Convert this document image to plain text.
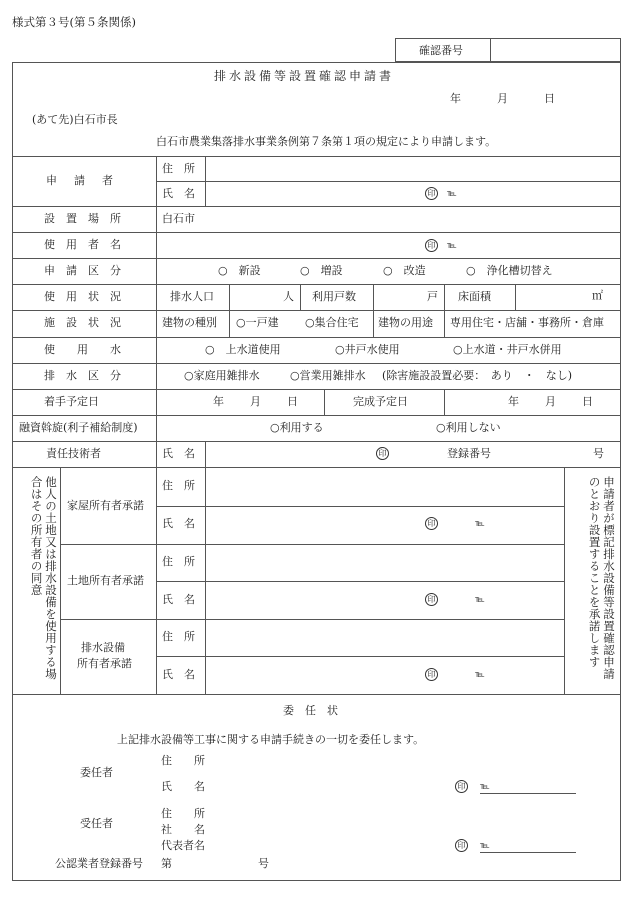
様式第３号(第５条関係)
確認番号
排水設備等設置確認申請書
年	月	日
(あて先)白石市長
白石市農業集落排水事業条例第７条第１項の規定により申請します。
申　請　者
住　所
氏　名	印 ℡
設　置　場　所	白石市
使　用　者　名	印 ℡
申　請　区　分	○　新設	○　増設	○　改造	○　浄化槽切替え
使　用　状　況	排水人口	人 利用戸数	戸 床面積	㎡
施　設　状　況	建物の種別 ○一戸建 ○集合住宅 建物の用途 専用住宅・店舗・事務所・倉庫
使　　用　　水	○　上水道使用	○井戸水使用	○上水道・井戸水併用
排　水　区　分	○家庭用雑排水	○営業用雑排水 (除害施設設置必要：　あり　・　なし)
着手予定日	年 月 日	完成予定日	年 月 日
融資斡旋(利子補給制度)	○利用する	○利用しない
責任技術者	氏　名	印	登録番号	号
他人の土地又は排水設備を使用する場合はその所有者の同意	申請者が標記排水設備等設置確認申請のとおり設置することを承諾します
家屋所有者承諾
住　所
氏　名	印	℡
土地所有者承諾
住　所
氏　名	印	℡
排水設備
所有者承諾
住　所
氏　名	印	℡
委　任　状
上記排水設備等工事に関する申請手続きの一切を委任します。
委任者
住　　所
氏　　名	印 ℡
受任者
住　　所
社　　名
代表者名	印 ℡
公認業者登録番号 第	号
